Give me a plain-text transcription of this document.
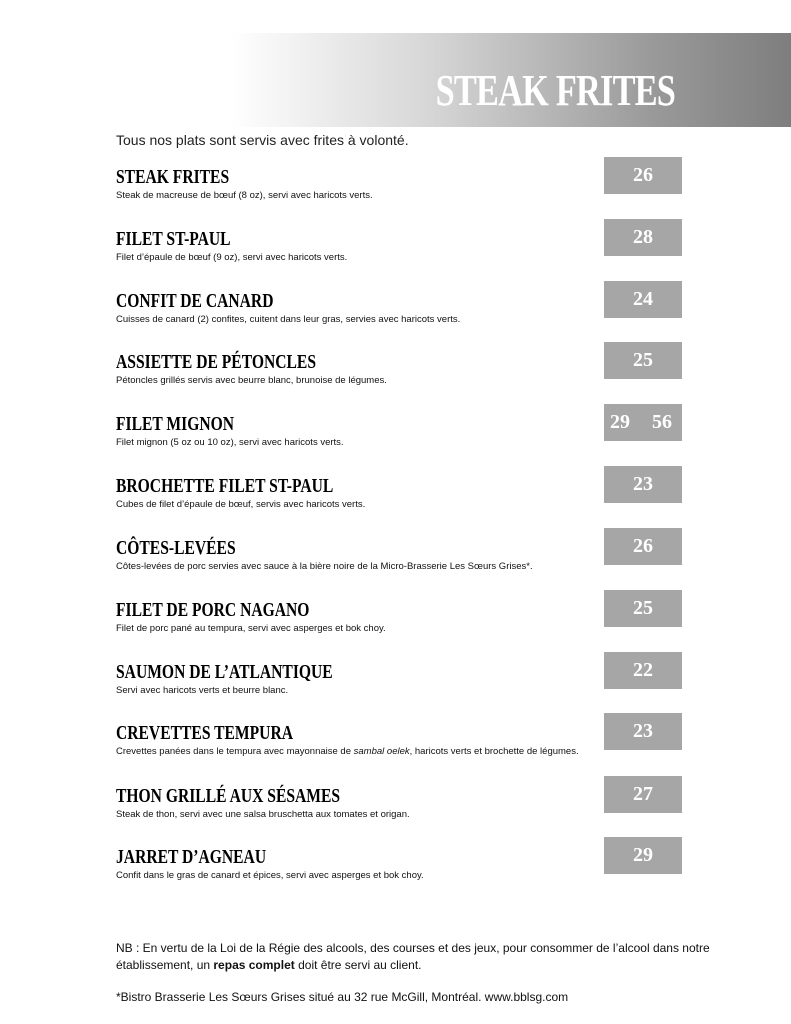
STEAK FRITES
$ Plat
Tous nos plats sont servis avec frites à volonté.
STEAK FRITES
Steak de macreuse de bœuf (8 oz), servi avec haricots verts.
26
FILET ST-PAUL
Filet d’épaule de bœuf (9 oz), servi avec haricots verts.
28
CONFIT DE CANARD
Cuisses de canard (2) confites, cuitent dans leur gras, servies avec haricots verts.
24
ASSIETTE DE PÉTONCLES
Pétoncles grillés servis avec beurre blanc, brunoise de légumes.
25
FILET MIGNON
Filet mignon (5 oz ou 10 oz), servi avec haricots verts.
29 56
BROCHETTE FILET ST-PAUL
Cubes de filet d’épaule de bœuf, servis avec haricots verts.
23
CÔTES-LEVÉES
Côtes-levées de porc servies avec sauce à la bière noire de la Micro-Brasserie Les Sœurs Grises*.
26
FILET DE PORC NAGANO
Filet de porc pané au tempura, servi avec asperges et bok choy.
25
SAUMON DE L’ATLANTIQUE
Servi avec haricots verts et beurre blanc.
22
CREVETTES TEMPURA
Crevettes panées dans le tempura avec mayonnaise de sambal oelek, haricots verts et brochette de légumes.
23
THON GRILLÉ AUX SÉSAMES
Steak de thon, servi avec une salsa bruschetta aux tomates et origan.
27
JARRET D’AGNEAU
Confit dans le gras de canard et épices, servi avec asperges et bok choy.
29
NB : En vertu de la Loi de la Régie des alcools, des courses et des jeux, pour consommer de l’alcool dans notre établissement, un repas complet doit être servi au client.
*Bistro Brasserie Les Sœurs Grises situé au 32 rue McGill, Montréal. www.bblsg.com
